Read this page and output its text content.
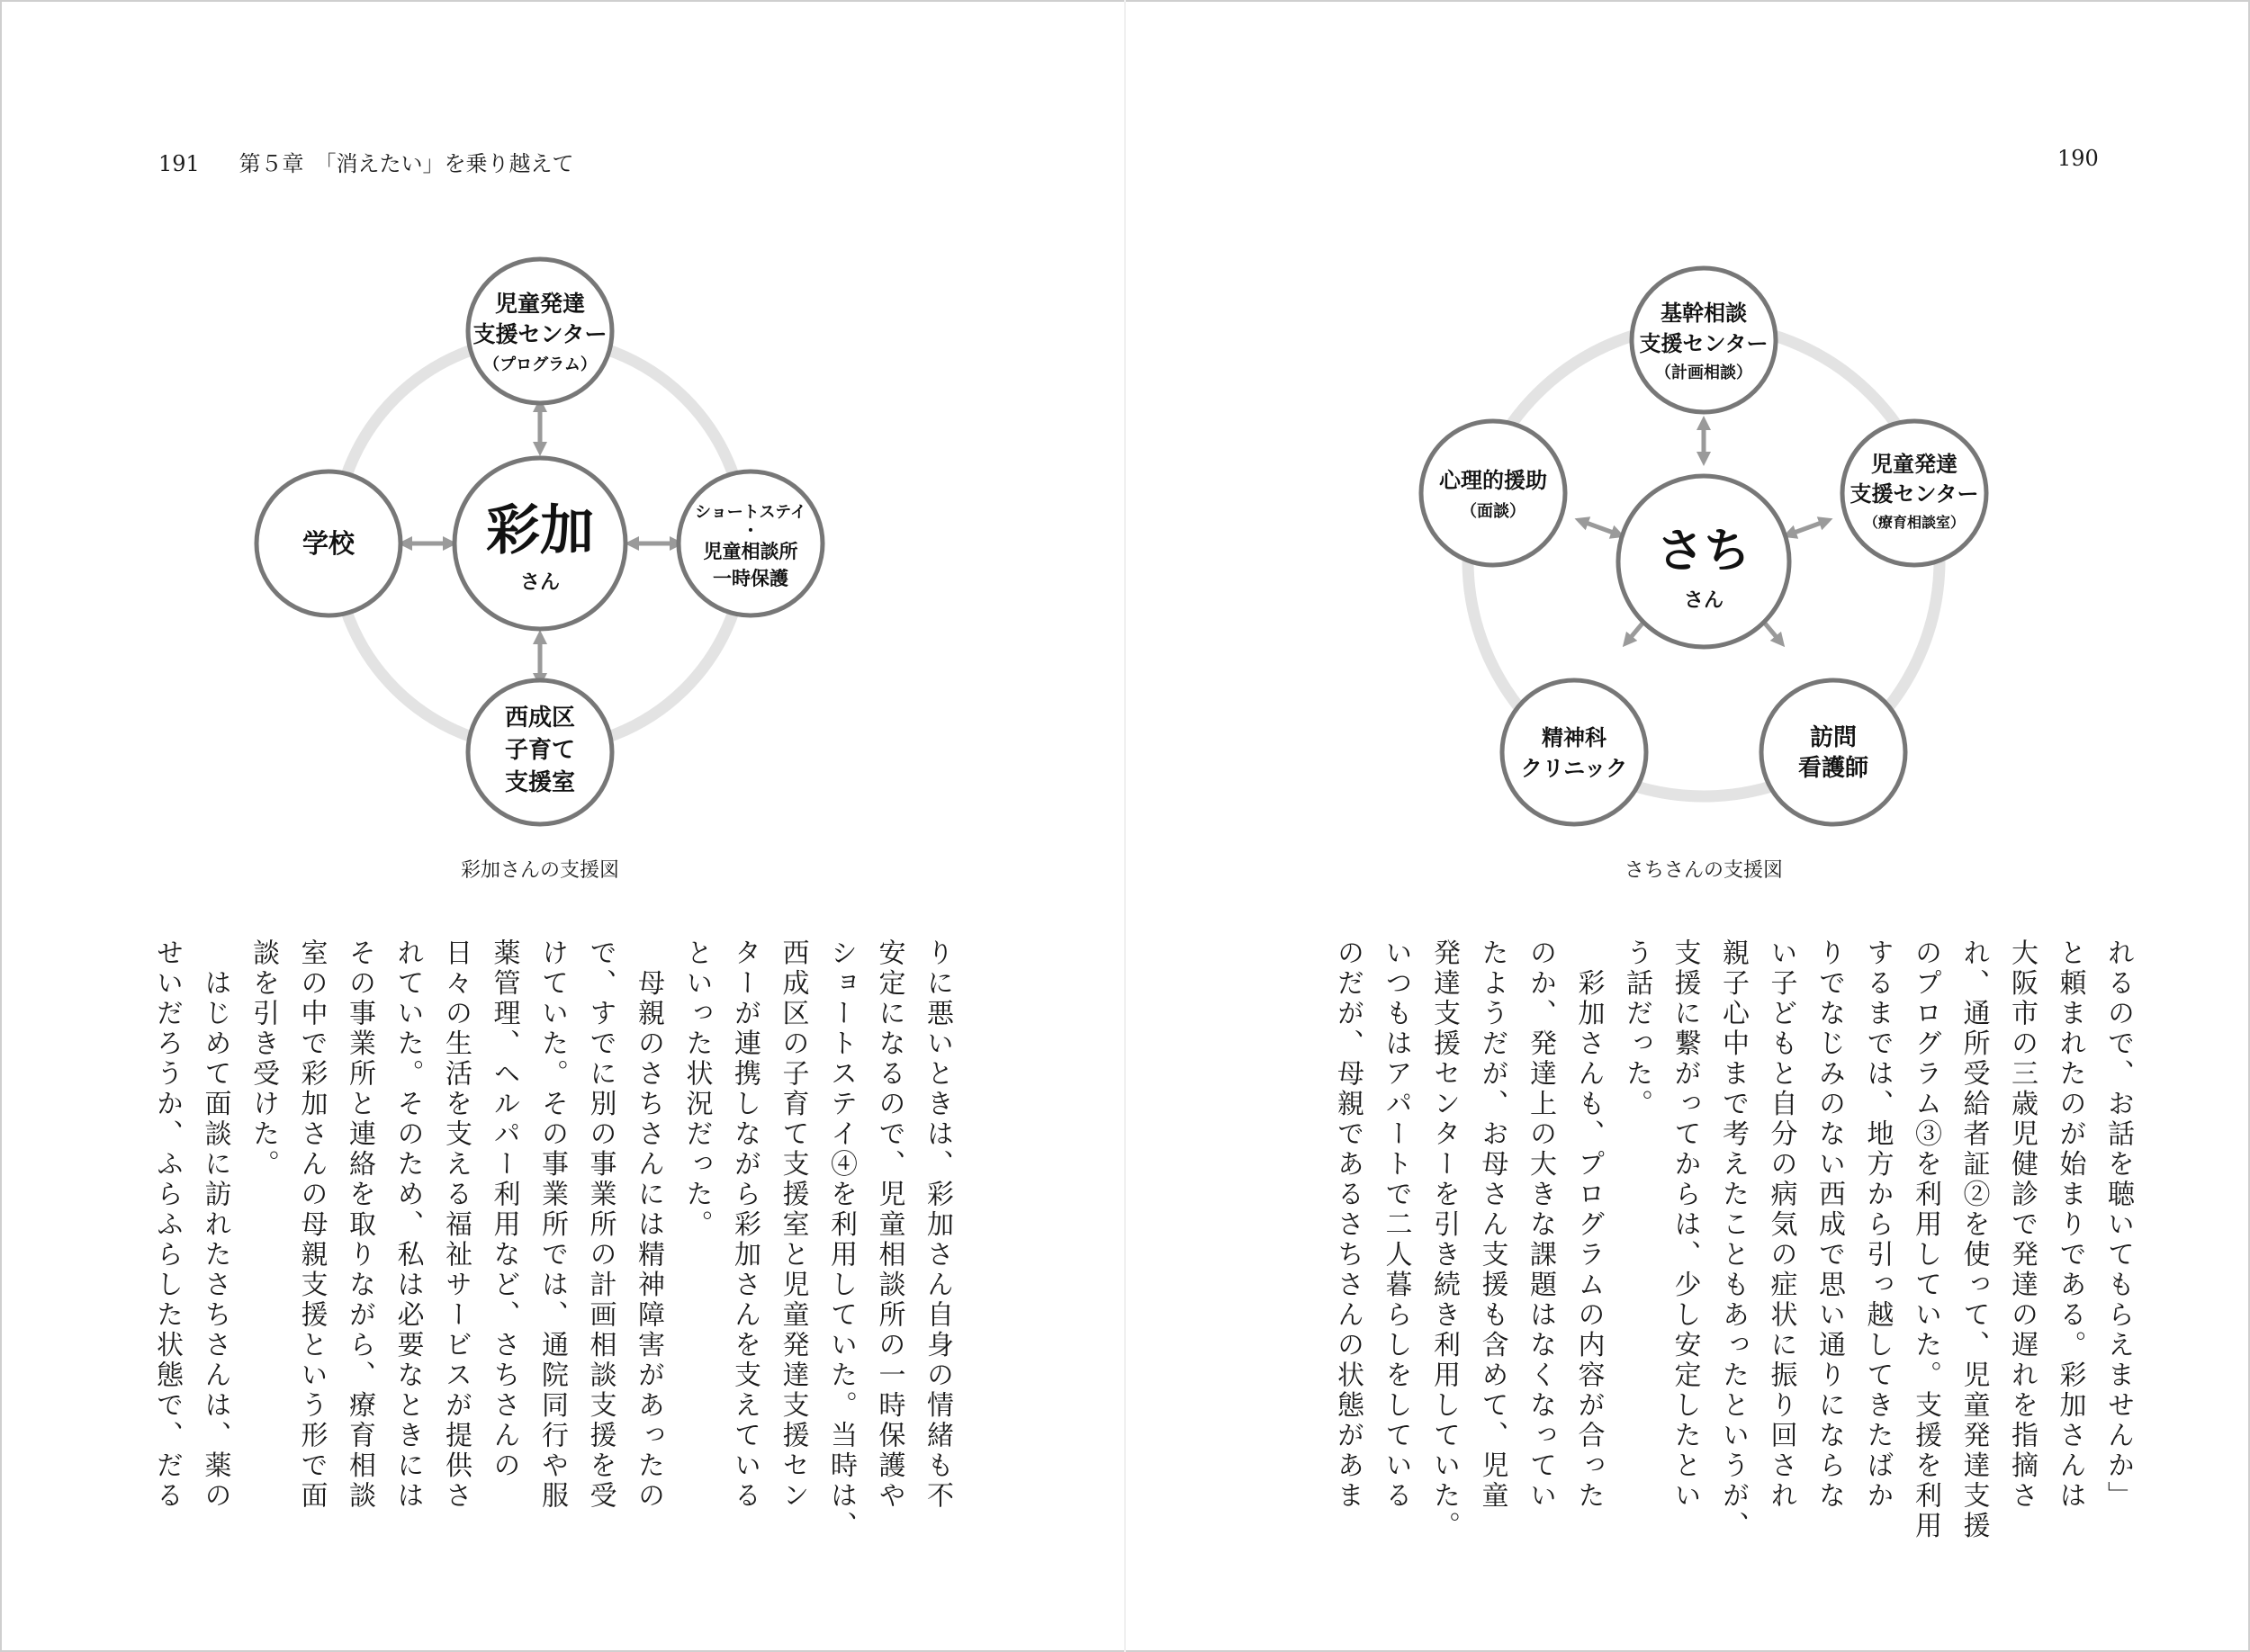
191 第５章　「消えたい」を乗り越えて	190
児童発達
支援センター
（プログラム）
学校
ショートステイ
・
児童相談所
一時保護
西成区
子育て
支援室
彩加
さん
基幹相談
支援センター
（計画相談）
心理的援助
（面談）
児童発達
支援センター
（療育相談室）
精神科
クリニック
訪問
看護師
さち
さん
彩加さんの支援図	さちさんの支援図
りに悪いときは、彩加さん自身の情緒も不
安定になるので、児童相談所の一時保護や
ショートステイ④を利用していた。当時は、
西成区の子育て支援室と児童発達支援セン
ターが連携しながら彩加さんを支えている
といった状況だった。
　母親のさちさんには精神障害があったの
で、すでに別の事業所の計画相談支援を受
けていた。その事業所では、通院同行や服
薬管理、ヘルパー利用など、さちさんの
日々の生活を支える福祉サービスが提供さ
れていた。そのため、私は必要なときには
その事業所と連絡を取りながら、療育相談
室の中で彩加さんの母親支援という形で面
談を引き受けた。
　はじめて面談に訪れたさちさんは、薬の
せいだろうか、ふらふらした状態で、だる	れるので、お話を聴いてもらえませんか」
と頼まれたのが始まりである。彩加さんは
大阪市の三歳児健診で発達の遅れを指摘さ
れ、通所受給者証②を使って、児童発達支援
のプログラム③を利用していた。支援を利用
するまでは、地方から引っ越してきたばか
りでなじみのない西成で思い通りにならな
い子どもと自分の病気の症状に振り回され
親子心中まで考えたこともあったというが、
支援に繋がってからは、少し安定したとい
う話だった。
　彩加さんも、プログラムの内容が合った
のか、発達上の大きな課題はなくなってい
たようだが、お母さん支援も含めて、児童
発達支援センターを引き続き利用していた。
いつもはアパートで二人暮らしをしている
のだが、母親であるさちさんの状態があま
